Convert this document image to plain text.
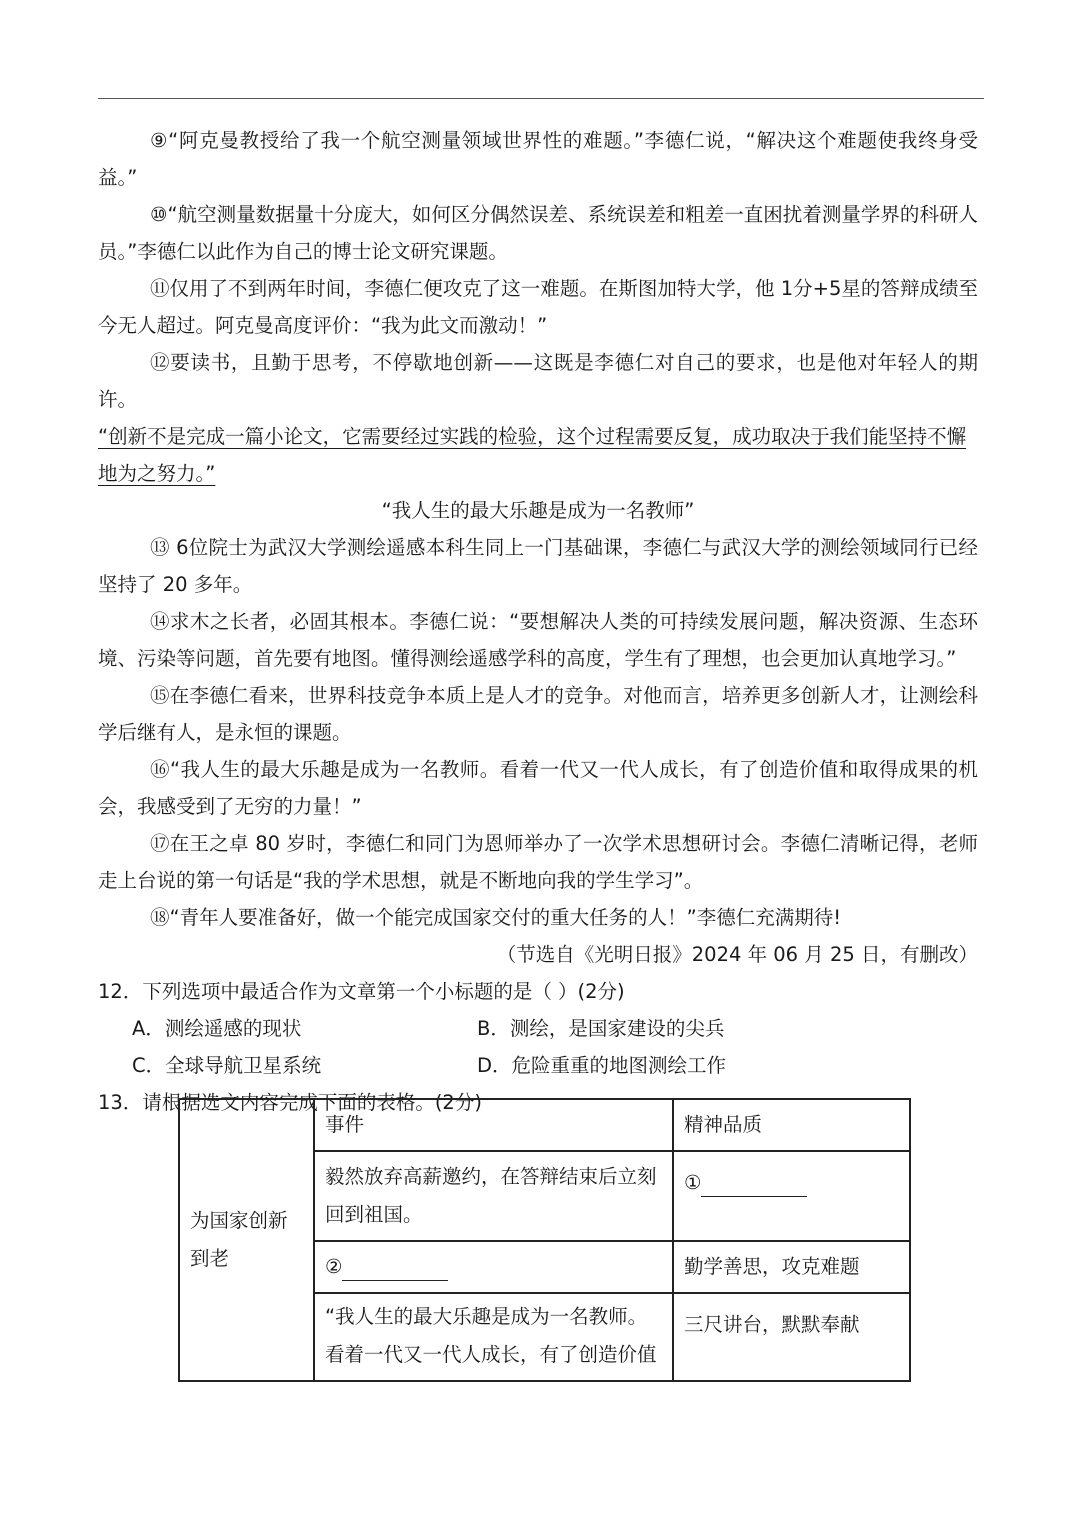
⑨“阿克曼教授给了我一个航空测量领域世界性的难题。”李德仁说，“解决这个难题使我终身受益。”

⑩“航空测量数据量十分庞大，如何区分偶然误差、系统误差和粗差一直困扰着测量学界的科研人员。”李德仁以此作为自己的博士论文研究课题。

⑪仅用了不到两年时间，李德仁便攻克了这一难题。在斯图加特大学，他 1分+5星的答辩成绩至今无人超过。阿克曼高度评价：“我为此文而激动！”

⑫要读书，且勤于思考，不停歇地创新——这既是李德仁对自己的要求，也是他对年轻人的期许。

“创新不是完成一篇小论文，它需要经过实践的检验，这个过程需要反复，成功取决于我们能坚持不懈地为之努力。”

“我人生的最大乐趣是成为一名教师”

⑬ 6位院士为武汉大学测绘遥感本科生同上一门基础课，李德仁与武汉大学的测绘领域同行已经坚持了 20 多年。

⑭求木之长者，必固其根本。李德仁说：“要想解决人类的可持续发展问题，解决资源、生态环境、污染等问题，首先要有地图。懂得测绘遥感学科的高度，学生有了理想，也会更加认真地学习。”

⑮在李德仁看来，世界科技竞争本质上是人才的竞争。对他而言，培养更多创新人才，让测绘科学后继有人，是永恒的课题。

⑯“我人生的最大乐趣是成为一名教师。看着一代又一代人成长，有了创造价值和取得成果的机会，我感受到了无穷的力量！”

⑰在王之卓 80 岁时，李德仁和同门为恩师举办了一次学术思想研讨会。李德仁清晰记得，老师走上台说的第一句话是“我的学术思想，就是不断地向我的学生学习”。

⑱“青年人要准备好，做一个能完成国家交付的重大任务的人！”李德仁充满期待!

（节选自《光明日报》2024 年 06 月 25 日，有删改）

12．下列选项中最适合作为文章第一个小标题的是（ ）(2分)

A．测绘遥感的现状	B．测绘，是国家建设的尖兵

C．全球导航卫星系统	D．危险重重的地图测绘工作

13．请根据选文内容完成下面的表格。(2分)

为国家创新到老	事件	精神品质
	毅然放弃高薪邀约，在答辩结束后立刻回到祖国。	①
	②	勤学善思，攻克难题
	“我人生的最大乐趣是成为一名教师。看着一代又一代人成长，有了创造价值	三尺讲台，默默奉献
